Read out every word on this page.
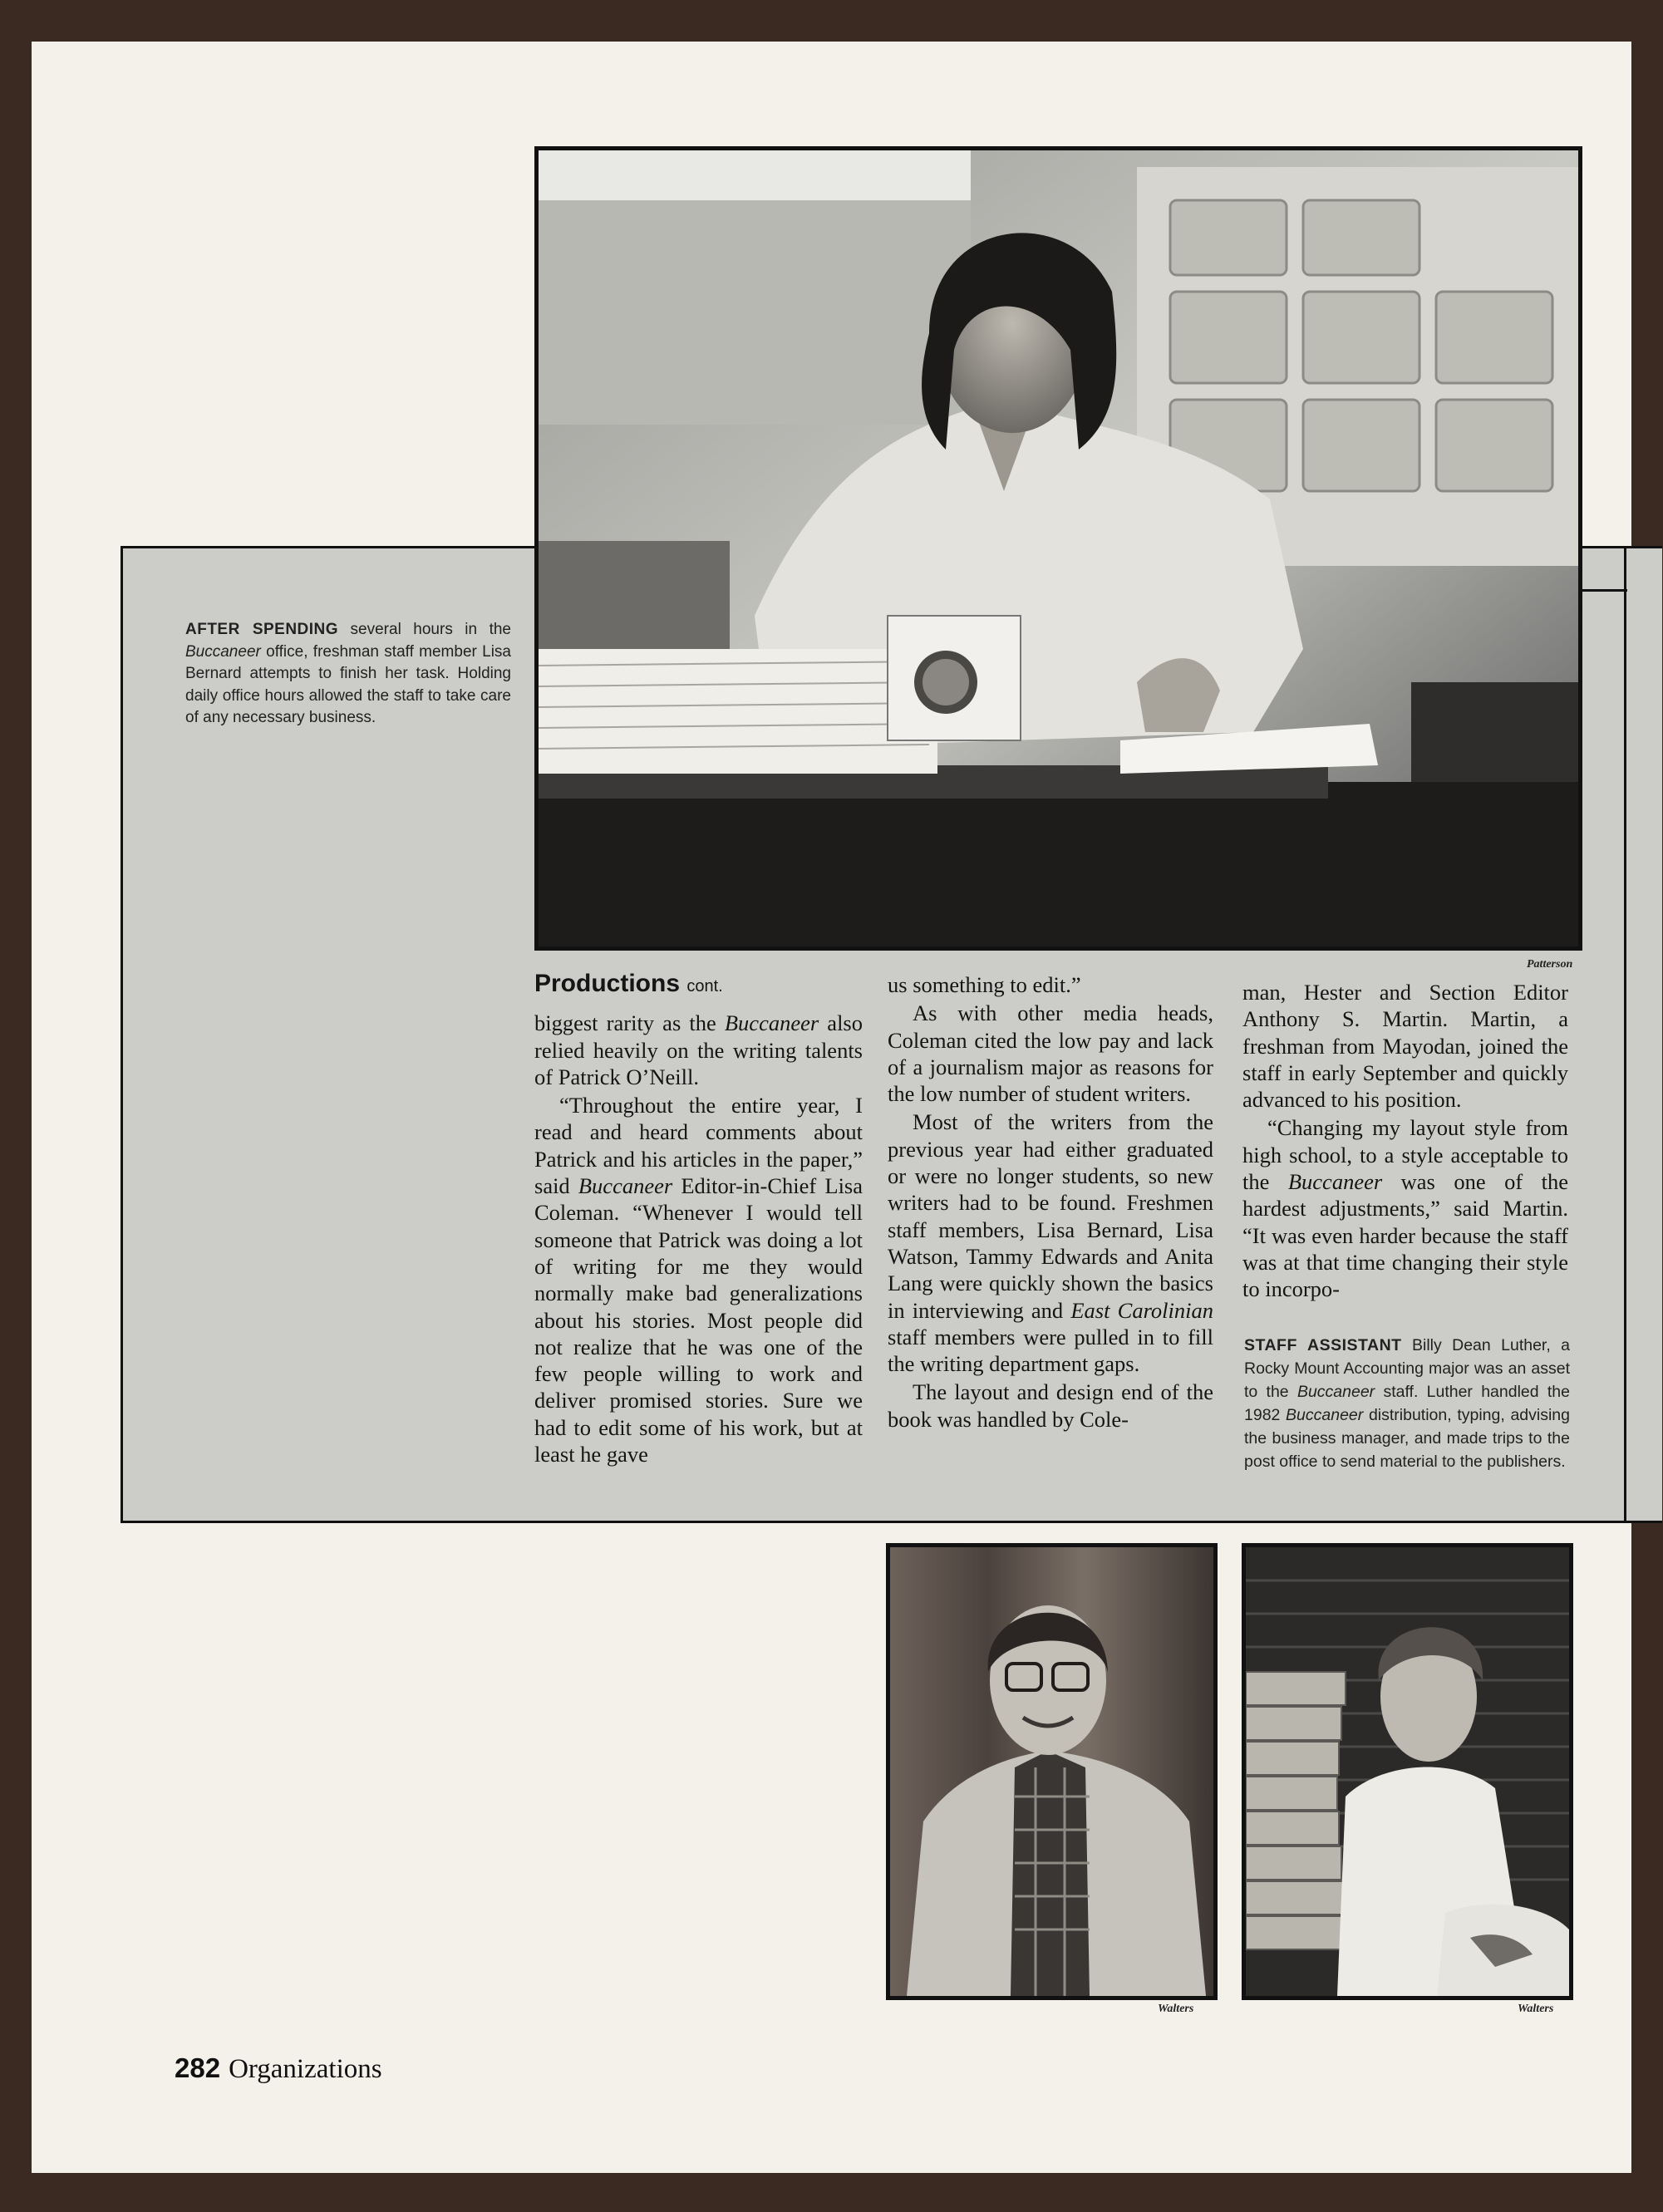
Patterson
AFTER SPENDING several hours in the Buccaneer office, freshman staff member Lisa Bernard attempts to finish her task. Holding daily office hours allowed the staff to take care of any necessary business.
Productions cont.

biggest rarity as the Buccaneer also relied heavily on the writing talents of Patrick O’Neill.

“Throughout the entire year, I read and heard comments about Patrick and his articles in the paper,” said Buccaneer Editor-in-Chief Lisa Coleman. “Whenever I would tell someone that Patrick was doing a lot of writing for me they would normally make bad generalizations about his stories. Most people did not realize that he was one of the few people willing to work and deliver promised stories. Sure we had to edit some of his work, but at least he gave

us something to edit.”

As with other media heads, Coleman cited the low pay and lack of a journalism major as reasons for the low number of student writers.

Most of the writers from the previous year had either graduated or were no longer students, so new writers had to be found. Freshmen staff members, Lisa Bernard, Lisa Watson, Tammy Edwards and Anita Lang were quickly shown the basics in interviewing and East Carolinian staff members were pulled in to fill the writing department gaps.

The layout and design end of the book was handled by Cole-

man, Hester and Section Editor Anthony S. Martin. Martin, a freshman from Mayodan, joined the staff in early September and quickly advanced to his position.

“Changing my layout style from high school, to a style acceptable to the Buccaneer was one of the hardest adjustments,” said Martin. “It was even harder because the staff was at that time changing their style to incorpo-

STAFF ASSISTANT Billy Dean Luther, a Rocky Mount Accounting major was an asset to the Buccaneer staff. Luther handled the 1982 Buccaneer distribution, typing, advising the business manager, and made trips to the post office to send material to the publishers.
Walters	Walters
282 Organizations
